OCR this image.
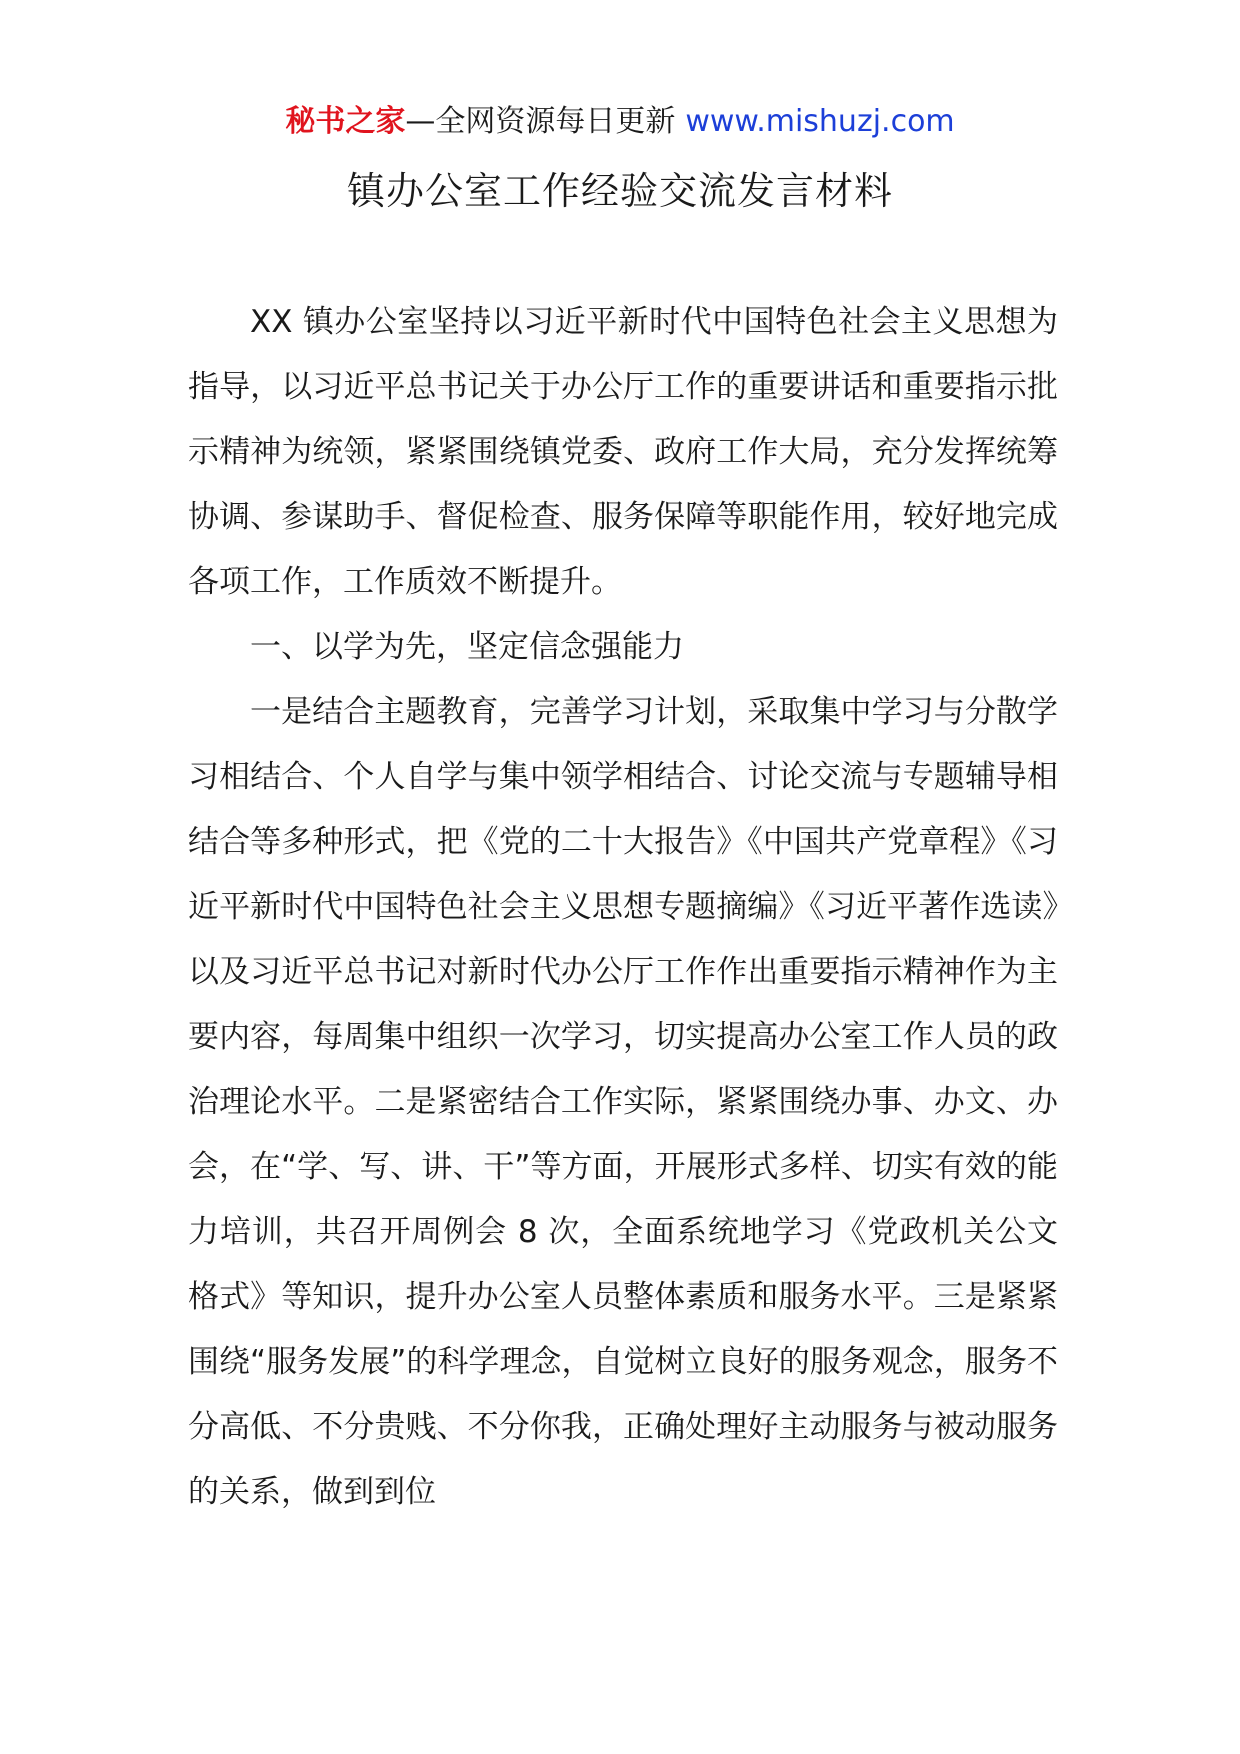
秘书之家—全网资源每日更新 www.mishuzj.com
镇办公室工作经验交流发言材料

XX 镇办公室坚持以习近平新时代中国特色社会主义思想为指导，以习近平总书记关于办公厅工作的重要讲话和重要指示批示精神为统领，紧紧围绕镇党委、政府工作大局，充分发挥统筹协调、参谋助手、督促检查、服务保障等职能作用，较好地完成各项工作，工作质效不断提升。

一、以学为先，坚定信念强能力

一是结合主题教育，完善学习计划，采取集中学习与分散学习相结合、个人自学与集中领学相结合、讨论交流与专题辅导相结合等多种形式，把《党的二十大报告》《中国共产党章程》《习近平新时代中国特色社会主义思想专题摘编》《习近平著作选读》以及习近平总书记对新时代办公厅工作作出重要指示精神作为主要内容，每周集中组织一次学习，切实提高办公室工作人员的政治理论水平。二是紧密结合工作实际，紧紧围绕办事、办文、办会，在“学、写、讲、干”等方面，开展形式多样、切实有效的能力培训，共召开周例会 8 次，全面系统地学习《党政机关公文格式》等知识，提升办公室人员整体素质和服务水平。三是紧紧围绕“服务发展”的科学理念，自觉树立良好的服务观念，服务不分高低、不分贵贱、不分你我，正确处理好主动服务与被动服务的关系，做到到位
